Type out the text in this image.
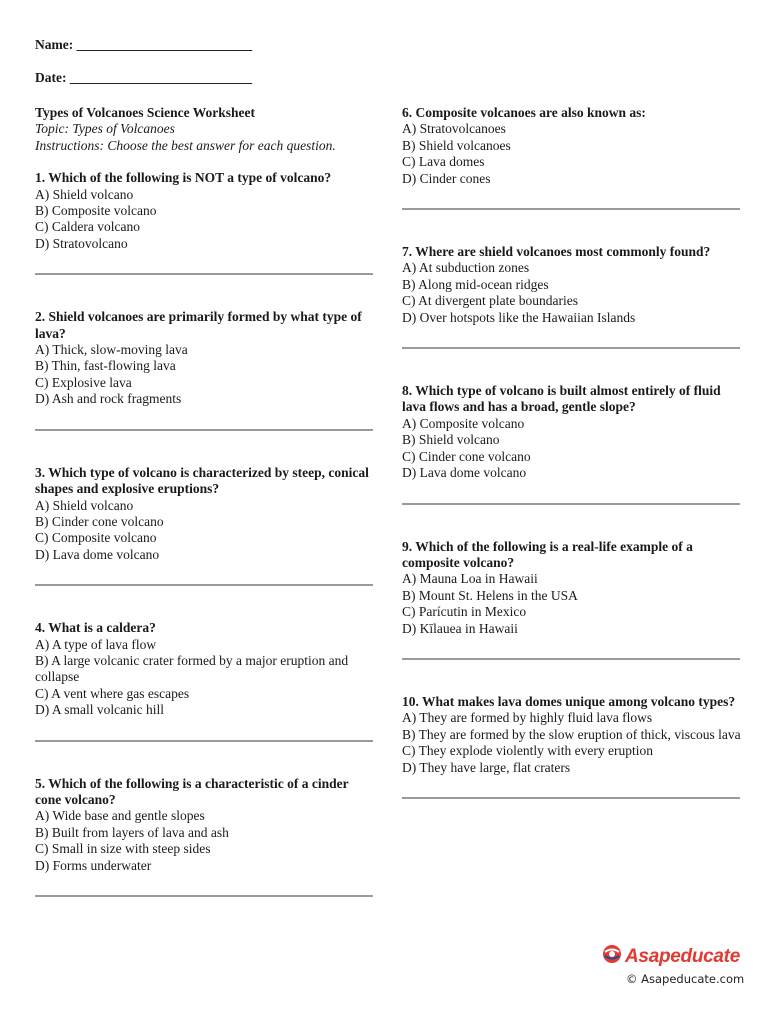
Name: __________________________
Date: ___________________________
Types of Volcanoes Science Worksheet
Topic: Types of Volcanoes
Instructions: Choose the best answer for each question.
1. Which of the following is NOT a type of volcano?
A) Shield volcano
B) Composite volcano
C) Caldera volcano
D) Stratovolcano
2. Shield volcanoes are primarily formed by what type of lava?
A) Thick, slow-moving lava
B) Thin, fast-flowing lava
C) Explosive lava
D) Ash and rock fragments
3. Which type of volcano is characterized by steep, conical shapes and explosive eruptions?
A) Shield volcano
B) Cinder cone volcano
C) Composite volcano
D) Lava dome volcano
4. What is a caldera?
A) A type of lava flow
B) A large volcanic crater formed by a major eruption and collapse
C) A vent where gas escapes
D) A small volcanic hill
5. Which of the following is a characteristic of a cinder cone volcano?
A) Wide base and gentle slopes
B) Built from layers of lava and ash
C) Small in size with steep sides
D) Forms underwater
6. Composite volcanoes are also known as:
A) Stratovolcanoes
B) Shield volcanoes
C) Lava domes
D) Cinder cones
7. Where are shield volcanoes most commonly found?
A) At subduction zones
B) Along mid-ocean ridges
C) At divergent plate boundaries
D) Over hotspots like the Hawaiian Islands
8. Which type of volcano is built almost entirely of fluid lava flows and has a broad, gentle slope?
A) Composite volcano
B) Shield volcano
C) Cinder cone volcano
D) Lava dome volcano
9. Which of the following is a real-life example of a composite volcano?
A) Mauna Loa in Hawaii
B) Mount St. Helens in the USA
C) Parícutin in Mexico
D) Kīlauea in Hawaii
10. What makes lava domes unique among volcano types?
A) They are formed by highly fluid lava flows
B) They are formed by the slow eruption of thick, viscous lava
C) They explode violently with every eruption
D) They have large, flat craters
Asapeducate
© Asapeducate.com
